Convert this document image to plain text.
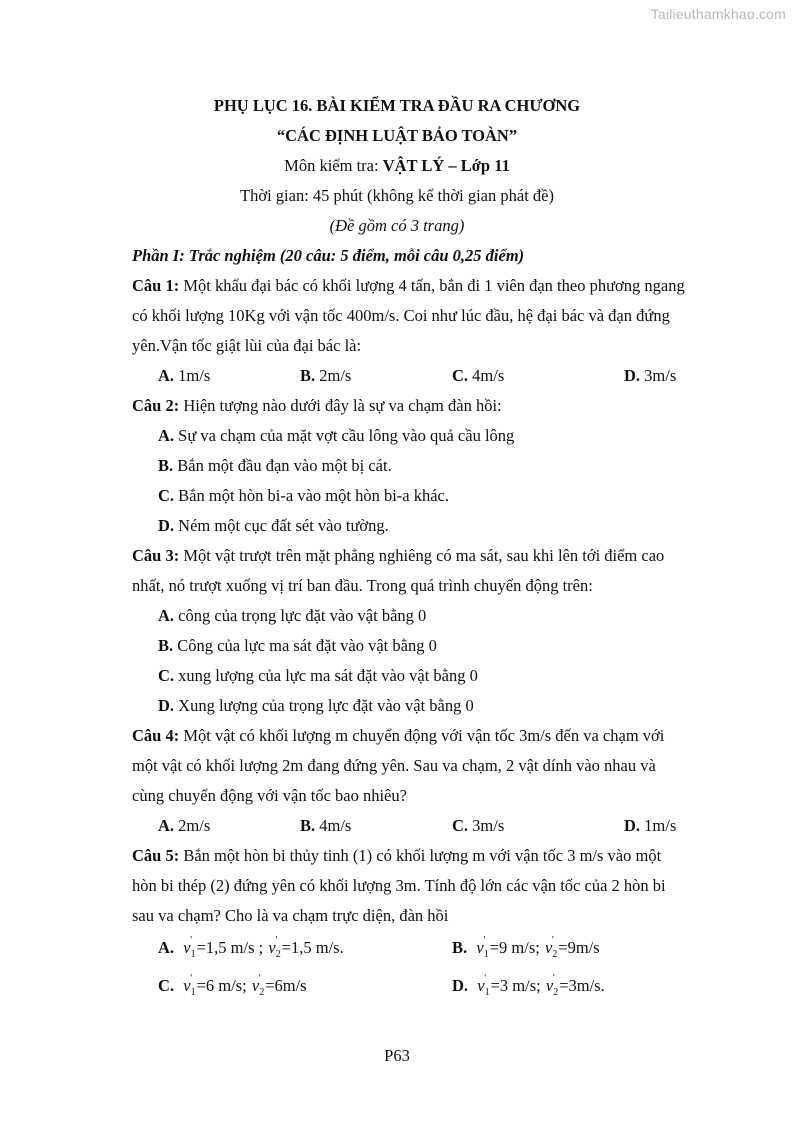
Tailieuthamkhao.com
PHỤ LỤC 16. BÀI KIỂM TRA ĐẦU RA CHƯƠNG
“CÁC ĐỊNH LUẬT BẢO TOÀN”
Môn kiểm tra: VẬT LÝ – Lớp 11
Thời gian: 45 phút (không kể thời gian phát đề)
(Đề gồm có 3 trang)
Phần I: Trắc nghiệm (20 câu: 5 điểm, mỗi câu 0,25 điểm)
Câu 1: Một khẩu đại bác có khối lượng 4 tấn, bắn đi 1 viên đạn theo phương ngang
có khối lượng 10Kg với vận tốc 400m/s. Coi như lúc đầu, hệ đại bác và đạn đứng
yên.Vận tốc giật lùi của đại bác là:
A. 1m/s	B. 2m/s	C. 4m/s	D. 3m/s
Câu 2: Hiện tượng nào dưới đây là sự va chạm đàn hồi:
A. Sự va chạm của mặt vợt cầu lông vào quả cầu lông
B. Bắn một đầu đạn vào một bị cát.
C. Bắn một hòn bi-a vào một hòn bi-a khác.
D. Ném một cục đất sét vào tường.
Câu 3: Một vật trượt trên mặt phẳng nghiêng có ma sát, sau khi lên tới điểm cao
nhất, nó trượt xuống vị trí ban đầu. Trong quá trình chuyển động trên:
A. công của trọng lực đặt vào vật bằng 0
B. Công của lực ma sát đặt vào vật bằng 0
C. xung lượng của lực ma sát đặt vào vật bằng 0
D. Xung lượng của trọng lực đặt vào vật bằng 0
Câu 4: Một vật có khối lượng m chuyển động với vận tốc 3m/s đến va chạm với
một vật có khối lượng 2m đang đứng yên. Sau va chạm, 2 vật dính vào nhau và
cùng chuyển động với vận tốc bao nhiêu?
A. 2m/s	B. 4m/s	C. 3m/s	D. 1m/s
Câu 5: Bắn một hòn bi thủy tinh (1) có khối lượng m với vận tốc 3 m/s vào một
hòn bi thép (2) đứng yên có khối lượng 3m. Tính độ lớn các vận tốc của 2 hòn bi
sau va chạm? Cho là va chạm trực diện, đàn hồi
A. v '
$_1$=1,5 m/s ; v '
$_2$=1,5 m/s.	B. v '
$_1$=9 m/s; v '
$_2$=9m/s
C. v '
$_1$=6 m/s; v '
$_2$=6m/s	D. v '
$_1$=3 m/s; v '
$_2$=3m/s.
P63
